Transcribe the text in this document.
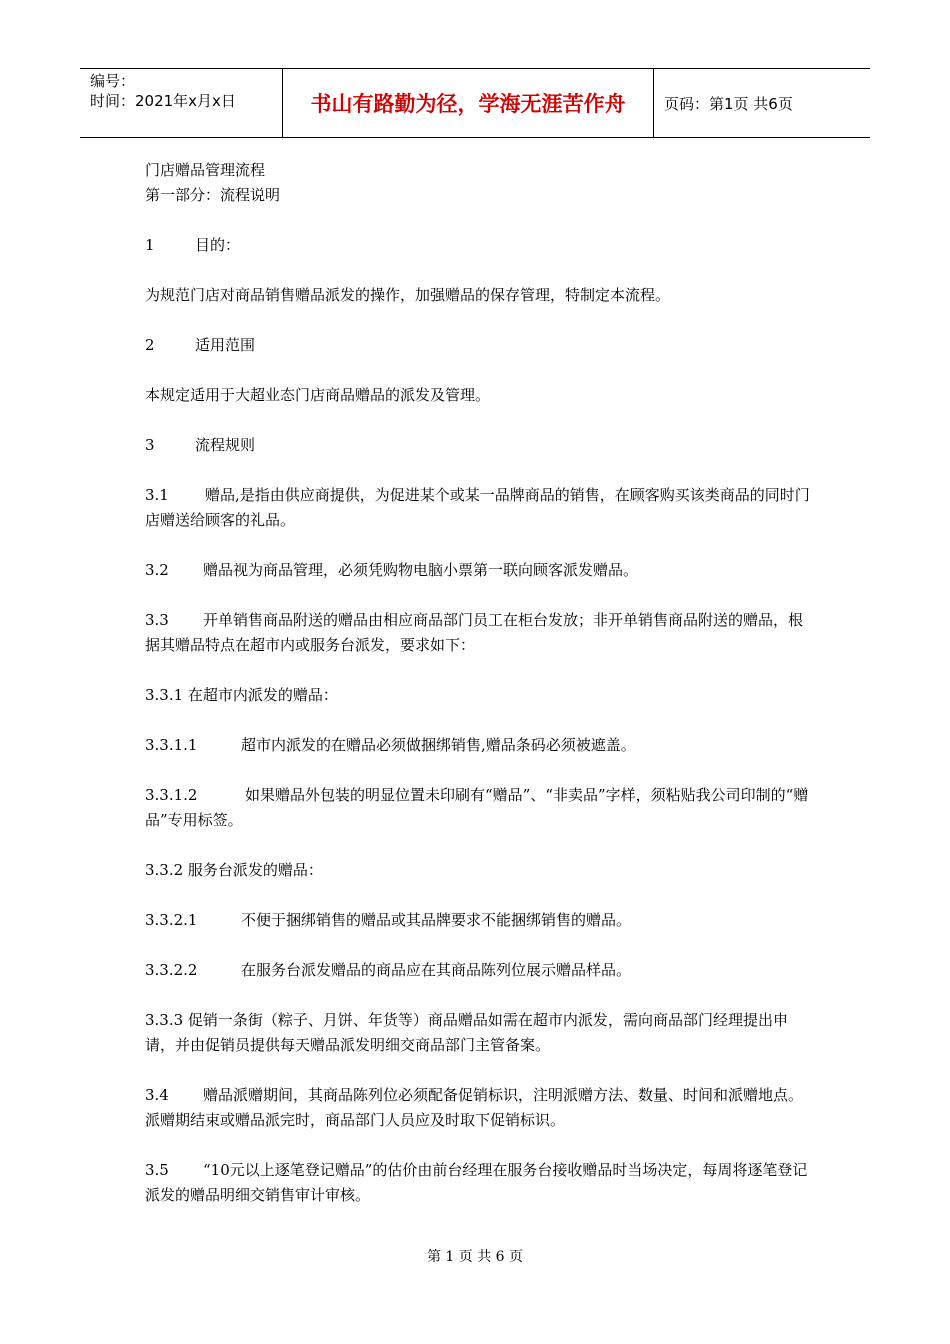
编号：
时间：2021年x月x日	书山有路勤为径，学海无涯苦作舟	页码：第1页 共6页

门店赠品管理流程

第一部分：流程说明

1	目的：

为规范门店对商品销售赠品派发的操作，加强赠品的保存管理，特制定本流程。

2	适用范围

本规定适用于大超业态门店商品赠品的派发及管理。

3	流程规则

3.1 赠品,是指由供应商提供，为促进某个或某一品牌商品的销售，在顾客购买该类商品的同时门店赠送给顾客的礼品。

3.2 赠品视为商品管理，必须凭购物电脑小票第一联向顾客派发赠品。

3.3 开单销售商品附送的赠品由相应商品部门员工在柜台发放；非开单销售商品附送的赠品，根据其赠品特点在超市内或服务台派发，要求如下：

3.3.1 在超市内派发的赠品：

3.3.1.1	超市内派发的在赠品必须做捆绑销售,赠品条码必须被遮盖。

3.3.1.2	如果赠品外包装的明显位置未印刷有“赠品”、“非卖品”字样，须粘贴我公司印制的“赠品”专用标签。

3.3.2 服务台派发的赠品：

3.3.2.1	不便于捆绑销售的赠品或其品牌要求不能捆绑销售的赠品。

3.3.2.2	在服务台派发赠品的商品应在其商品陈列位展示赠品样品。

3.3.3 促销一条街（粽子、月饼、年货等）商品赠品如需在超市内派发，需向商品部门经理提出申请，并由促销员提供每天赠品派发明细交商品部门主管备案。

3.4 赠品派赠期间，其商品陈列位必须配备促销标识，注明派赠方法、数量、时间和派赠地点。派赠期结束或赠品派完时，商品部门人员应及时取下促销标识。

3.5 “10元以上逐笔登记赠品”的估价由前台经理在服务台接收赠品时当场决定，每周将逐笔登记派发的赠品明细交销售审计审核。

第 1 页 共 6 页
